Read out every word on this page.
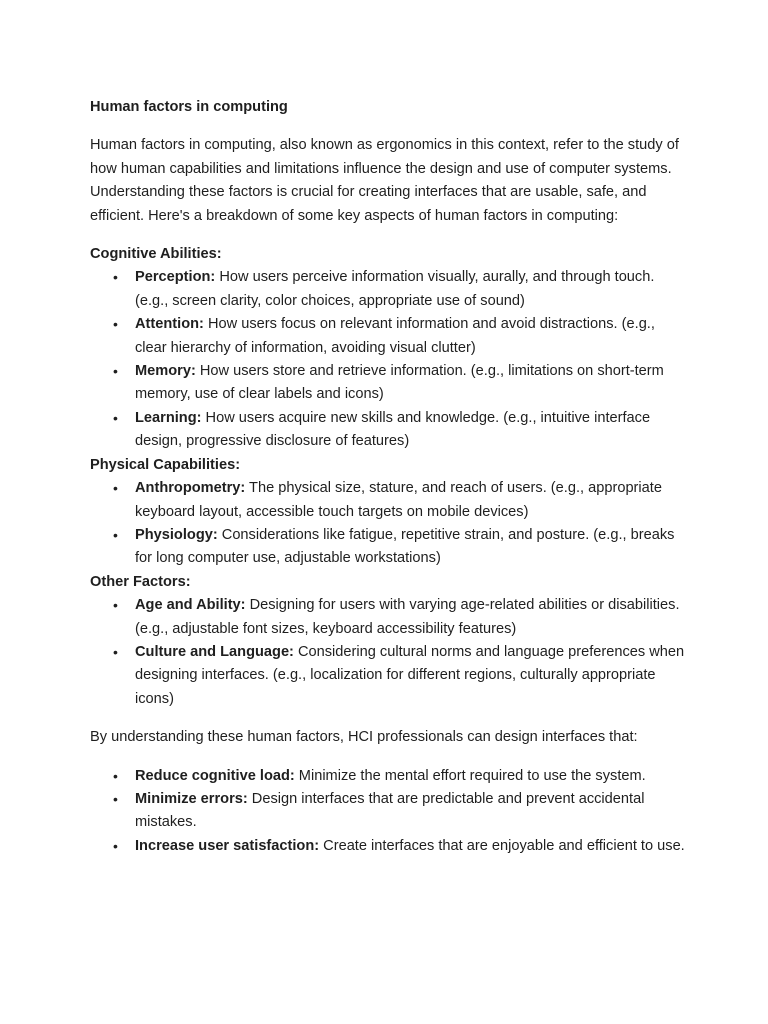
Human factors in computing

Human factors in computing, also known as ergonomics in this context, refer to the study of how human capabilities and limitations influence the design and use of computer systems. Understanding these factors is crucial for creating interfaces that are usable, safe, and efficient. Here's a breakdown of some key aspects of human factors in computing:

Cognitive Abilities:

• Perception: How users perceive information visually, aurally, and through touch. (e.g., screen clarity, color choices, appropriate use of sound)
• Attention: How users focus on relevant information and avoid distractions. (e.g., clear hierarchy of information, avoiding visual clutter)
• Memory: How users store and retrieve information. (e.g., limitations on short-term memory, use of clear labels and icons)
• Learning: How users acquire new skills and knowledge. (e.g., intuitive interface design, progressive disclosure of features)

Physical Capabilities:

• Anthropometry: The physical size, stature, and reach of users. (e.g., appropriate keyboard layout, accessible touch targets on mobile devices)
• Physiology: Considerations like fatigue, repetitive strain, and posture. (e.g., breaks for long computer use, adjustable workstations)

Other Factors:

• Age and Ability: Designing for users with varying age-related abilities or disabilities. (e.g., adjustable font sizes, keyboard accessibility features)
• Culture and Language: Considering cultural norms and language preferences when designing interfaces. (e.g., localization for different regions, culturally appropriate icons)

By understanding these human factors, HCI professionals can design interfaces that:

• Reduce cognitive load: Minimize the mental effort required to use the system.
• Minimize errors: Design interfaces that are predictable and prevent accidental mistakes.
• Increase user satisfaction: Create interfaces that are enjoyable and efficient to use.
